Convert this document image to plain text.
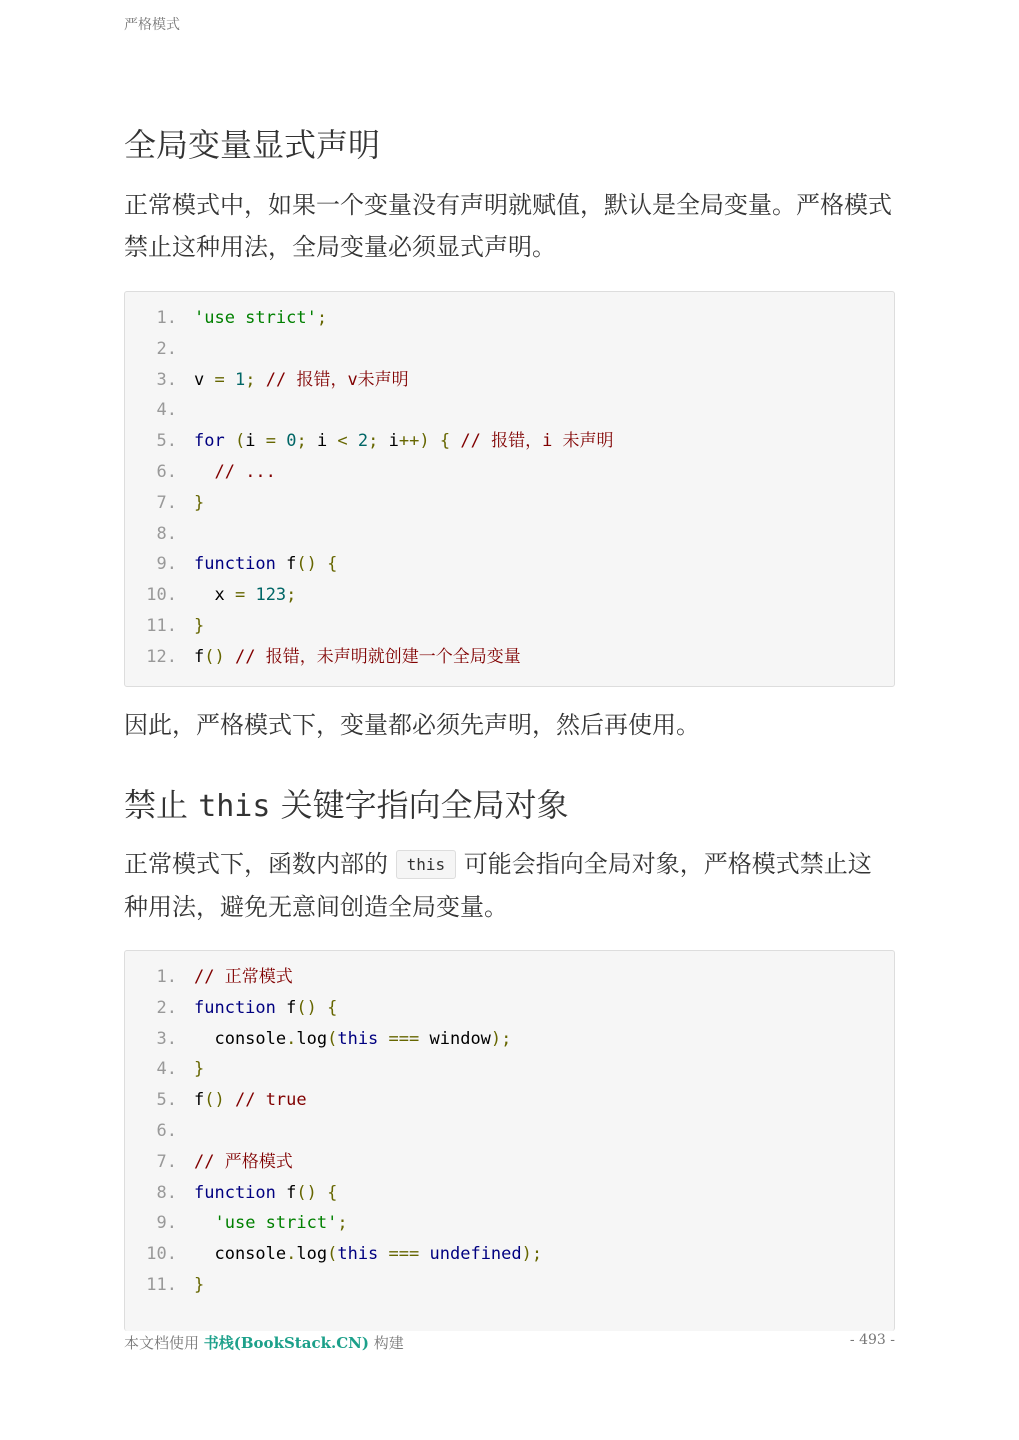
严格模式
全局变量显式声明

正常模式中，如果一个变量没有声明就赋值，默认是全局变量。严格模式禁止这种用法，全局变量必须显式声明。

1. 'use strict';
2.
3. v = 1; // 报错，v未声明
4.
5. for (i = 0; i < 2; i++) { // 报错，i 未声明
6.	// ...
7. }
8.
9. function f() {
10. x = 123;
11. }
12. f() // 报错，未声明就创建一个全局变量

因此，严格模式下，变量都必须先声明，然后再使用。

禁止 this 关键字指向全局对象

正常模式下，函数内部的 this 可能会指向全局对象，严格模式禁止这种用法，避免无意间创造全局变量。

1. // 正常模式
2. function f() {
3. console.log(this === window);
4. }
5. f() // true
6.
7. // 严格模式
8. function f() {
9.	'use strict';
10. console.log(this === undefined);
11. }
本文档使用 书栈(BookStack.CN) 构建	- 493 -
